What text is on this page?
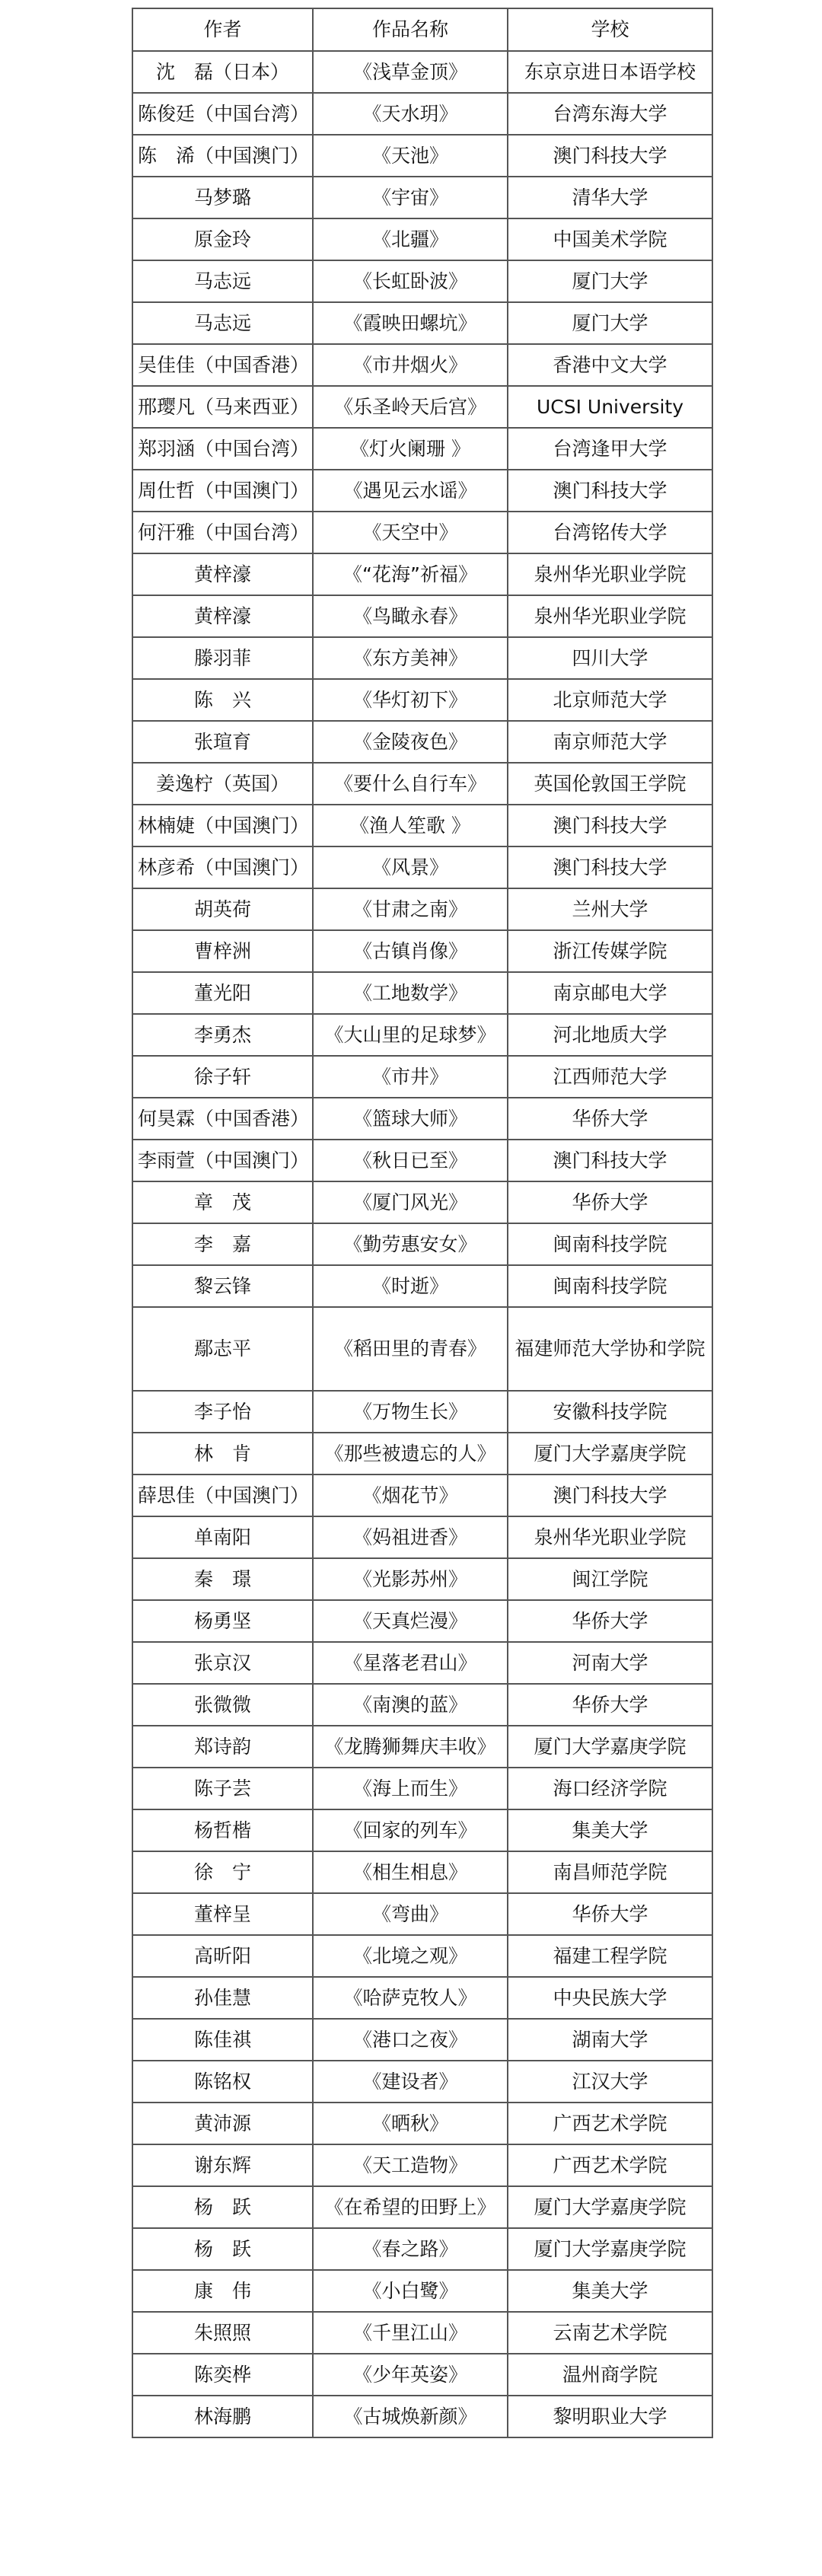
作者	作品名称	学校
沈　磊（日本）	《浅草金顶》	东京京进日本语学校
陈俊廷（中国台湾）	《天水玥》	台湾东海大学
陈　浠（中国澳门）	《天池》	澳门科技大学
马梦璐	《宇宙》	清华大学
原金玲	《北疆》	中国美术学院
马志远	《长虹卧波》	厦门大学
马志远	《霞映田螺坑》	厦门大学
吴佳佳（中国香港）	《市井烟火》	香港中文大学
邢璎凡（马来西亚）	《乐圣岭天后宫》	UCSI University
郑羽涵（中国台湾）	《灯火阑珊 》	台湾逢甲大学
周仕哲（中国澳门）	《遇见云水谣》	澳门科技大学
何汗雅（中国台湾）	《天空中》	台湾铭传大学
黄梓濠	《“花海”祈福》	泉州华光职业学院
黄梓濠	《鸟瞰永春》	泉州华光职业学院
滕羽菲	《东方美神》	四川大学
陈　兴	《华灯初下》	北京师范大学
张瑄育	《金陵夜色》	南京师范大学
姜逸柠（英国）	《要什么自行车》	英国伦敦国王学院
林楠婕（中国澳门）	《渔人笙歌 》	澳门科技大学
林彦希（中国澳门）	《风景》	澳门科技大学
胡英荷	《甘肃之南》	兰州大学
曹梓洲	《古镇肖像》	浙江传媒学院
董光阳	《工地数学》	南京邮电大学
李勇杰	《大山里的足球梦》	河北地质大学
徐子轩	《市井》	江西师范大学
何昊霖（中国香港）	《篮球大师》	华侨大学
李雨萱（中国澳门）	《秋日已至》	澳门科技大学
章　茂	《厦门风光》	华侨大学
李　嘉	《勤劳惠安女》	闽南科技学院
黎云锋	《时逝》	闽南科技学院
鄢志平	《稻田里的青春》	福建师范大学协和学院
李子怡	《万物生长》	安徽科技学院
林　肯	《那些被遗忘的人》	厦门大学嘉庚学院
薛思佳（中国澳门）	《烟花节》	澳门科技大学
单南阳	《妈祖进香》	泉州华光职业学院
秦　璟	《光影苏州》	闽江学院
杨勇坚	《天真烂漫》	华侨大学
张京汉	《星落老君山》	河南大学
张微微	《南澳的蓝》	华侨大学
郑诗韵	《龙腾狮舞庆丰收》	厦门大学嘉庚学院
陈子芸	《海上而生》	海口经济学院
杨哲楷	《回家的列车》	集美大学
徐　宁	《相生相息》	南昌师范学院
董梓呈	《弯曲》	华侨大学
高昕阳	《北境之观》	福建工程学院
孙佳慧	《哈萨克牧人》	中央民族大学
陈佳祺	《港口之夜》	湖南大学
陈铭权	《建设者》	江汉大学
黄沛源	《晒秋》	广西艺术学院
谢东辉	《天工造物》	广西艺术学院
杨　跃	《在希望的田野上》	厦门大学嘉庚学院
杨　跃	《春之路》	厦门大学嘉庚学院
康　伟	《小白鹭》	集美大学
朱照照	《千里江山》	云南艺术学院
陈奕桦	《少年英姿》	温州商学院
林海鹏	《古城焕新颜》	黎明职业大学
